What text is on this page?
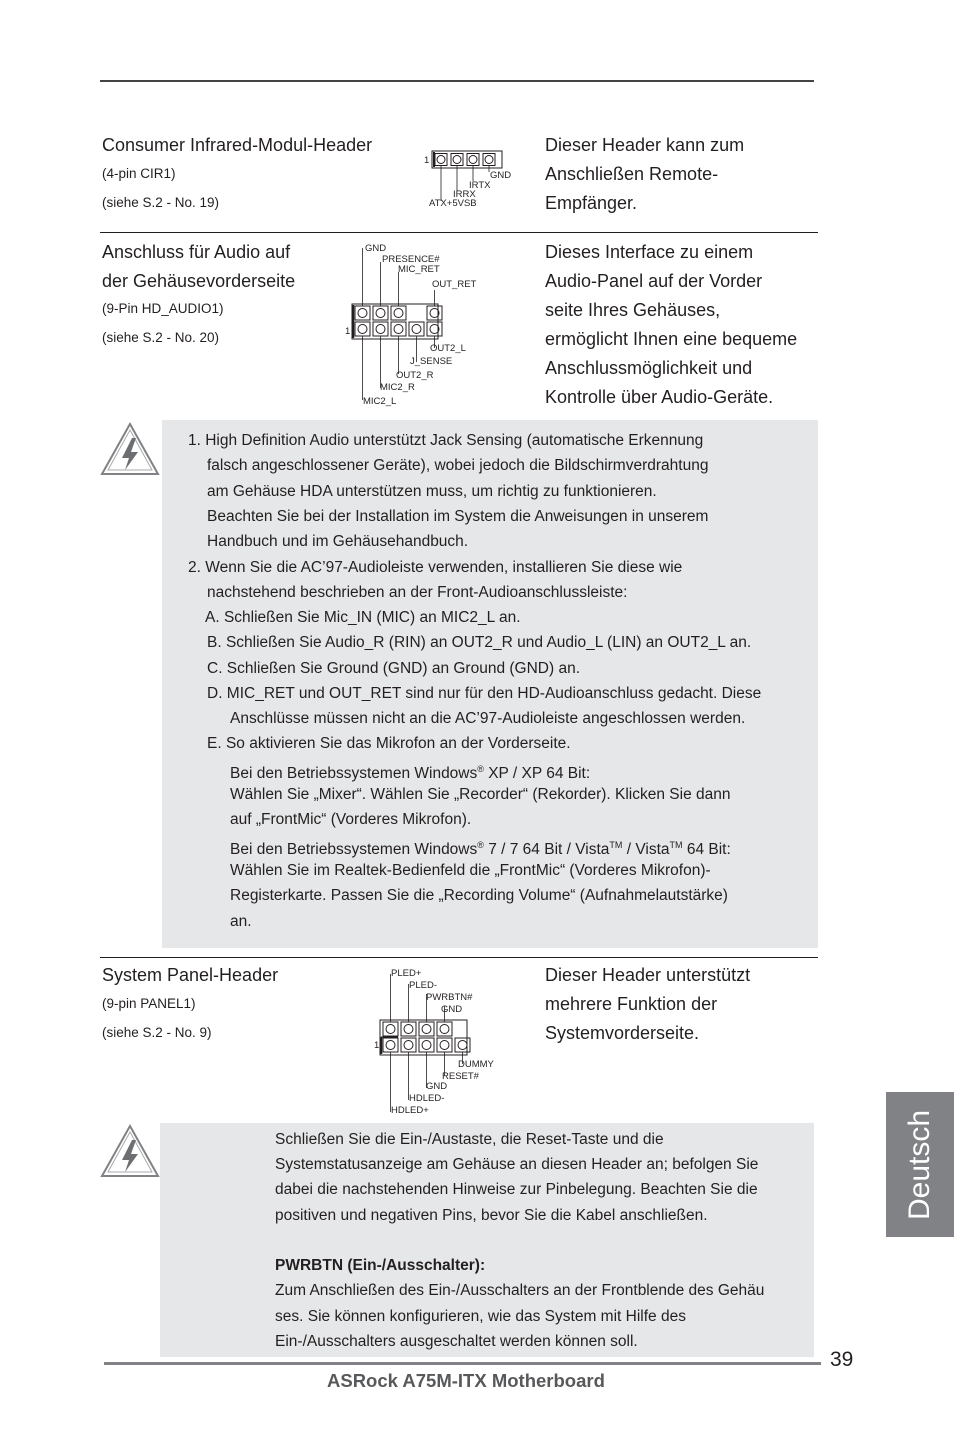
Consumer Infrared-Modul-Header
(4-pin CIR1)
(siehe S.2 - No. 19)
Dieser Header kann zum
Anschließen Remote-
Empfänger.
1
GND
IRTX
IRRX
ATX+5VSB
Anschluss für Audio auf
der Gehäusevorderseite
(9-Pin HD_AUDIO1)
(siehe S.2 - No. 20)
Dieses Interface zu einem
Audio-Panel auf der Vorder
seite Ihres Gehäuses,
ermöglicht Ihnen eine bequeme
Anschlussmöglichkeit und
Kontrolle über Audio-Geräte.
1
GND
PRESENCE#
MIC_RET
OUT_RET
OUT2_L
J_SENSE
OUT2_R
MIC2_R
MIC2_L
1. High Definition Audio unterstützt Jack Sensing (automatische Erkennung
falsch angeschlossener Geräte), wobei jedoch die Bildschirmverdrahtung
am Gehäuse HDA unterstützen muss, um richtig zu funktionieren.
Beachten Sie bei der Installation im System die Anweisungen in unserem
Handbuch und im Gehäusehandbuch.
2. Wenn Sie die AC’97-Audioleiste verwenden, installieren Sie diese wie
nachstehend beschrieben an der Front-Audioanschlussleiste:
A. Schließen Sie Mic_IN (MIC) an MIC2_L an.
B. Schließen Sie Audio_R (RIN) an OUT2_R und Audio_L (LIN) an OUT2_L an.
C. Schließen Sie Ground (GND) an Ground (GND) an.
D. MIC_RET und OUT_RET sind nur für den HD-Audioanschluss gedacht. Diese
Anschlüsse müssen nicht an die AC’97-Audioleiste angeschlossen werden.
E. So aktivieren Sie das Mikrofon an der Vorderseite.
Bei den Betriebssystemen Windows® XP / XP 64 Bit:
Wählen Sie „Mixer“. Wählen Sie „Recorder“ (Rekorder). Klicken Sie dann
auf „FrontMic“ (Vorderes Mikrofon).
Bei den Betriebssystemen Windows® 7 / 7 64 Bit / Vista™ / Vista™ 64 Bit:
Wählen Sie im Realtek-Bedienfeld die „FrontMic“ (Vorderes Mikrofon)-
Registerkarte. Passen Sie die „Recording Volume“ (Aufnahmelautstärke)
an.
System Panel-Header
(9-pin PANEL1)
(siehe S.2 - No. 9)
Dieser Header unterstützt
mehrere Funktion der
Systemvorderseite.
1
PLED+
PLED-
PWRBTN#
GND
DUMMY
RESET#
GND
HDLED-
HDLED+
Schließen Sie die Ein-/Austaste, die Reset-Taste und die
Systemstatusanzeige am Gehäuse an diesen Header an; befolgen Sie
dabei die nachstehenden Hinweise zur Pinbelegung. Beachten Sie die
positiven und negativen Pins, bevor Sie die Kabel anschließen.
PWRBTN (Ein-/Ausschalter):
Zum Anschließen des Ein-/Ausschalters an der Frontblende des Gehäu
ses. Sie können konfigurieren, wie das System mit Hilfe des
Ein-/Ausschalters ausgeschaltet werden können soll.
Deutsch
39
ASRock A75M-ITX Motherboard
